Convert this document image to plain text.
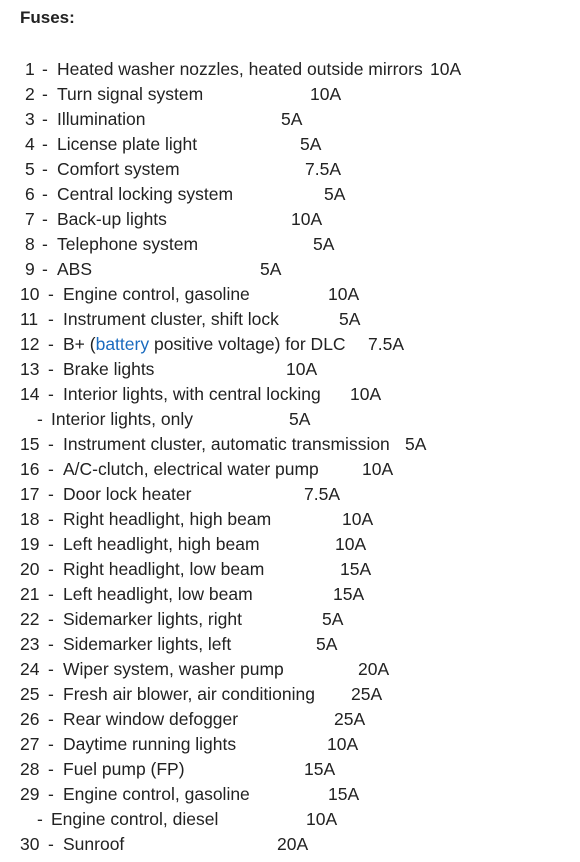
Fuses:
1 - Heated washer nozzles, heated outside mirrors 10A
2 - Turn signal system	10A
3 - Illumination	5A
4 - License plate light	5A
5 - Comfort system	7.5A
6 - Central locking system	5A
7 - Back-up lights	10A
8 - Telephone system	5A
9 - ABS	5A
10 - Engine control, gasoline	10A
11 - Instrument cluster, shift lock	5A
12 - B+ (battery positive voltage) for DLC 7.5A
13 - Brake lights	10A
14 - Interior lights, with central locking 10A
- Interior lights, only	5A
15 - Instrument cluster, automatic transmission 5A
16 - A/C-clutch, electrical water pump 10A
17 - Door lock heater	7.5A
18 - Right headlight, high beam	10A
19 - Left headlight, high beam	10A
20 - Right headlight, low beam	15A
21 - Left headlight, low beam	15A
22 - Sidemarker lights, right	5A
23 - Sidemarker lights, left	5A
24 - Wiper system, washer pump	20A
25 - Fresh air blower, air conditioning 25A
26 - Rear window defogger	25A
27 - Daytime running lights	10A
28 - Fuel pump (FP)	15A
29 - Engine control, gasoline	15A
- Engine control, diesel	10A
30 - Sunroof	20A
